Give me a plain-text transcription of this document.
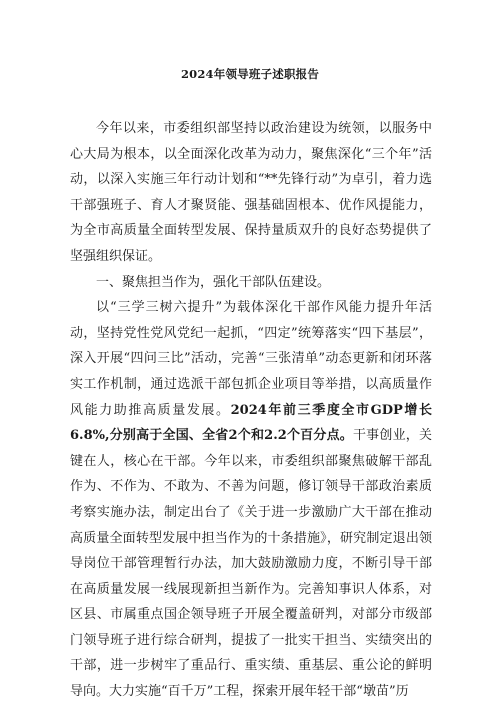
2024年领导班子述职报告

今年以来，市委组织部坚持以政治建设为统领，以服务中心大局为根本，以全面深化改革为动力，聚焦深化“三个年”活动，以深入实施三年行动计划和“**先锋行动”为卓引，着力选干部强班子、育人才聚贤能、强基础固根本、优作风提能力，为全市高质量全面转型发展、保持量质双升的良好态势提供了坚强组织保证。

一、聚焦担当作为，强化干部队伍建设。

以“三学三树六提升”为载体深化干部作风能力提升年活动，坚持党性党风党纪一起抓，“四定”统筹落实“四下基层”，深入开展“四问三比”活动，完善“三张清单”动态更新和闭环落实工作机制，通过选派干部包抓企业项目等举措，以高质量作风能力助推高质量发展。2024年前三季度全市GDP增长6.8%,分别高于全国、全省2个和2.2个百分点。干事创业，关键在人，核心在干部。今年以来，市委组织部聚焦破解干部乱作为、不作为、不敢为、不善为问题，修订领导干部政治素质考察实施办法，制定出台了《关于进一步激励广大干部在推动高质量全面转型发展中担当作为的十条措施》，研究制定退出领导岗位干部管理暂行办法，加大鼓励激励力度，不断引导干部在高质量发展一线展现新担当新作为。完善知事识人体系，对区县、市属重点国企领导班子开展全覆盖研判，对部分市级部门领导班子进行综合研判，提拔了一批实干担当、实绩突出的干部，进一步树牢了重品行、重实绩、重基层、重公论的鲜明导向。大力实施“百千万”工程，探索开展年轻干部“墩苗”历
